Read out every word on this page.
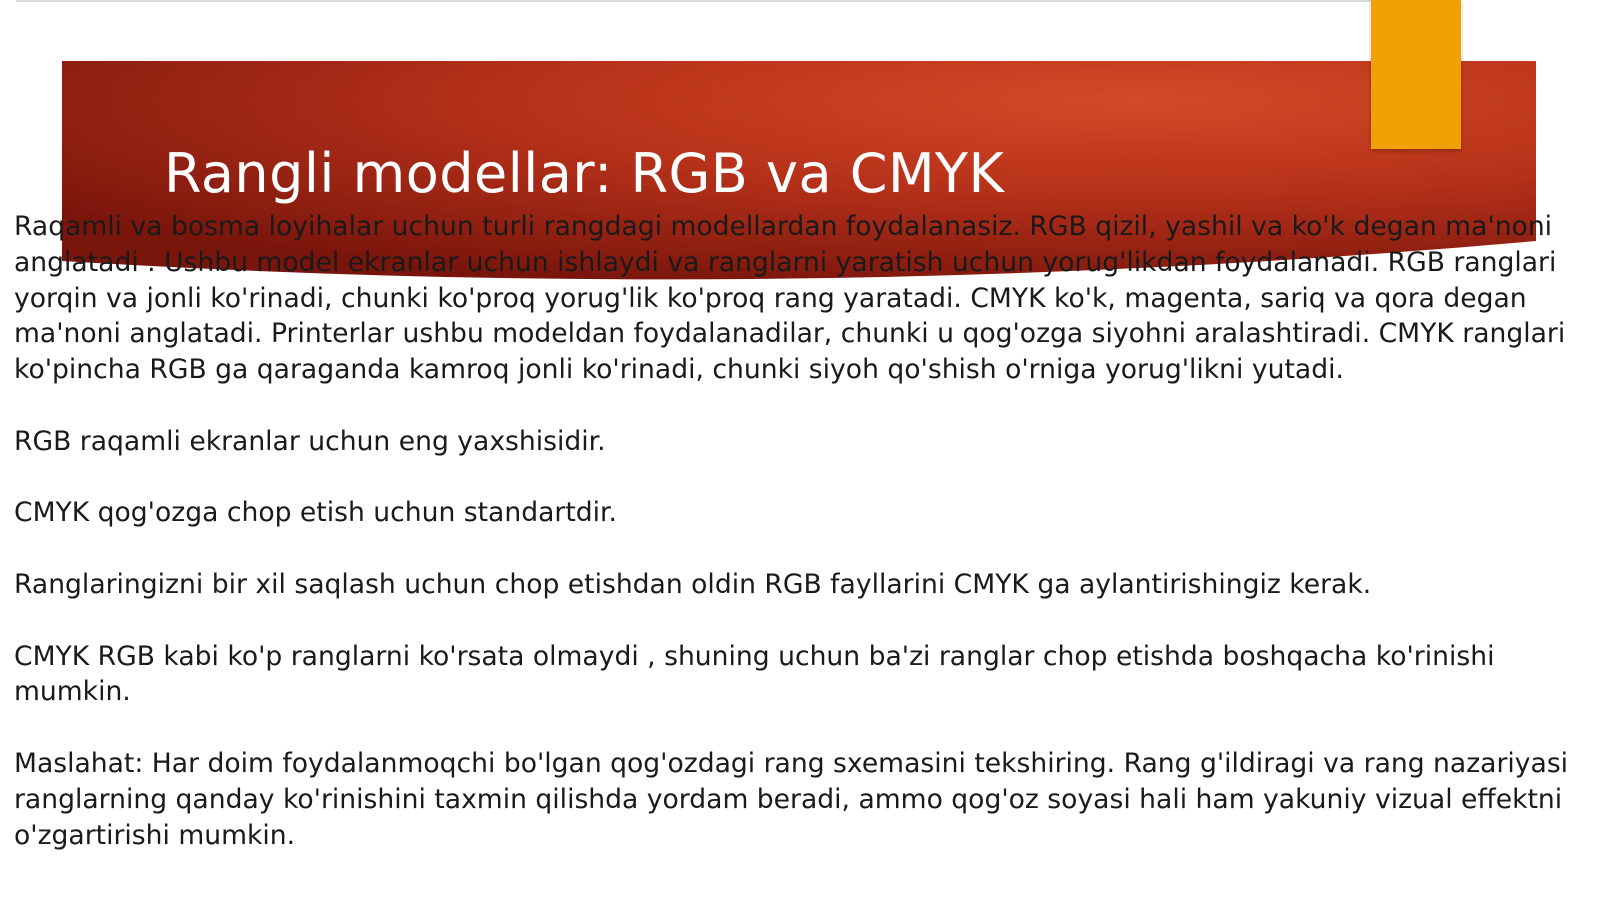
Rangli modellar: RGB va CMYK

Raqamli va bosma loyihalar uchun turli rangdagi modellardan foydalanasiz. RGB qizil, yashil va ko'k degan ma'noni anglatadi . Ushbu model ekranlar uchun ishlaydi va ranglarni yaratish uchun yorug'likdan foydalanadi. RGB ranglari yorqin va jonli ko'rinadi, chunki ko'proq yorug'lik ko'proq rang yaratadi. CMYK ko'k, magenta, sariq va qora degan ma'noni anglatadi. Printerlar ushbu modeldan foydalanadilar, chunki u qog'ozga siyohni aralashtiradi. CMYK ranglari ko'pincha RGB ga qaraganda kamroq jonli ko'rinadi, chunki siyoh qo'shish o'rniga yorug'likni yutadi.

RGB raqamli ekranlar uchun eng yaxshisidir.

CMYK qog'ozga chop etish uchun standartdir.

Ranglaringizni bir xil saqlash uchun chop etishdan oldin RGB fayllarini CMYK ga aylantirishingiz kerak.

CMYK RGB kabi ko'p ranglarni ko'rsata olmaydi , shuning uchun ba'zi ranglar chop etishda boshqacha ko'rinishi mumkin.

Maslahat: Har doim foydalanmoqchi bo'lgan qog'ozdagi rang sxemasini tekshiring. Rang g'ildiragi va rang nazariyasi ranglarning qanday ko'rinishini taxmin qilishda yordam beradi, ammo qog'oz soyasi hali ham yakuniy vizual effektni o'zgartirishi mumkin.
